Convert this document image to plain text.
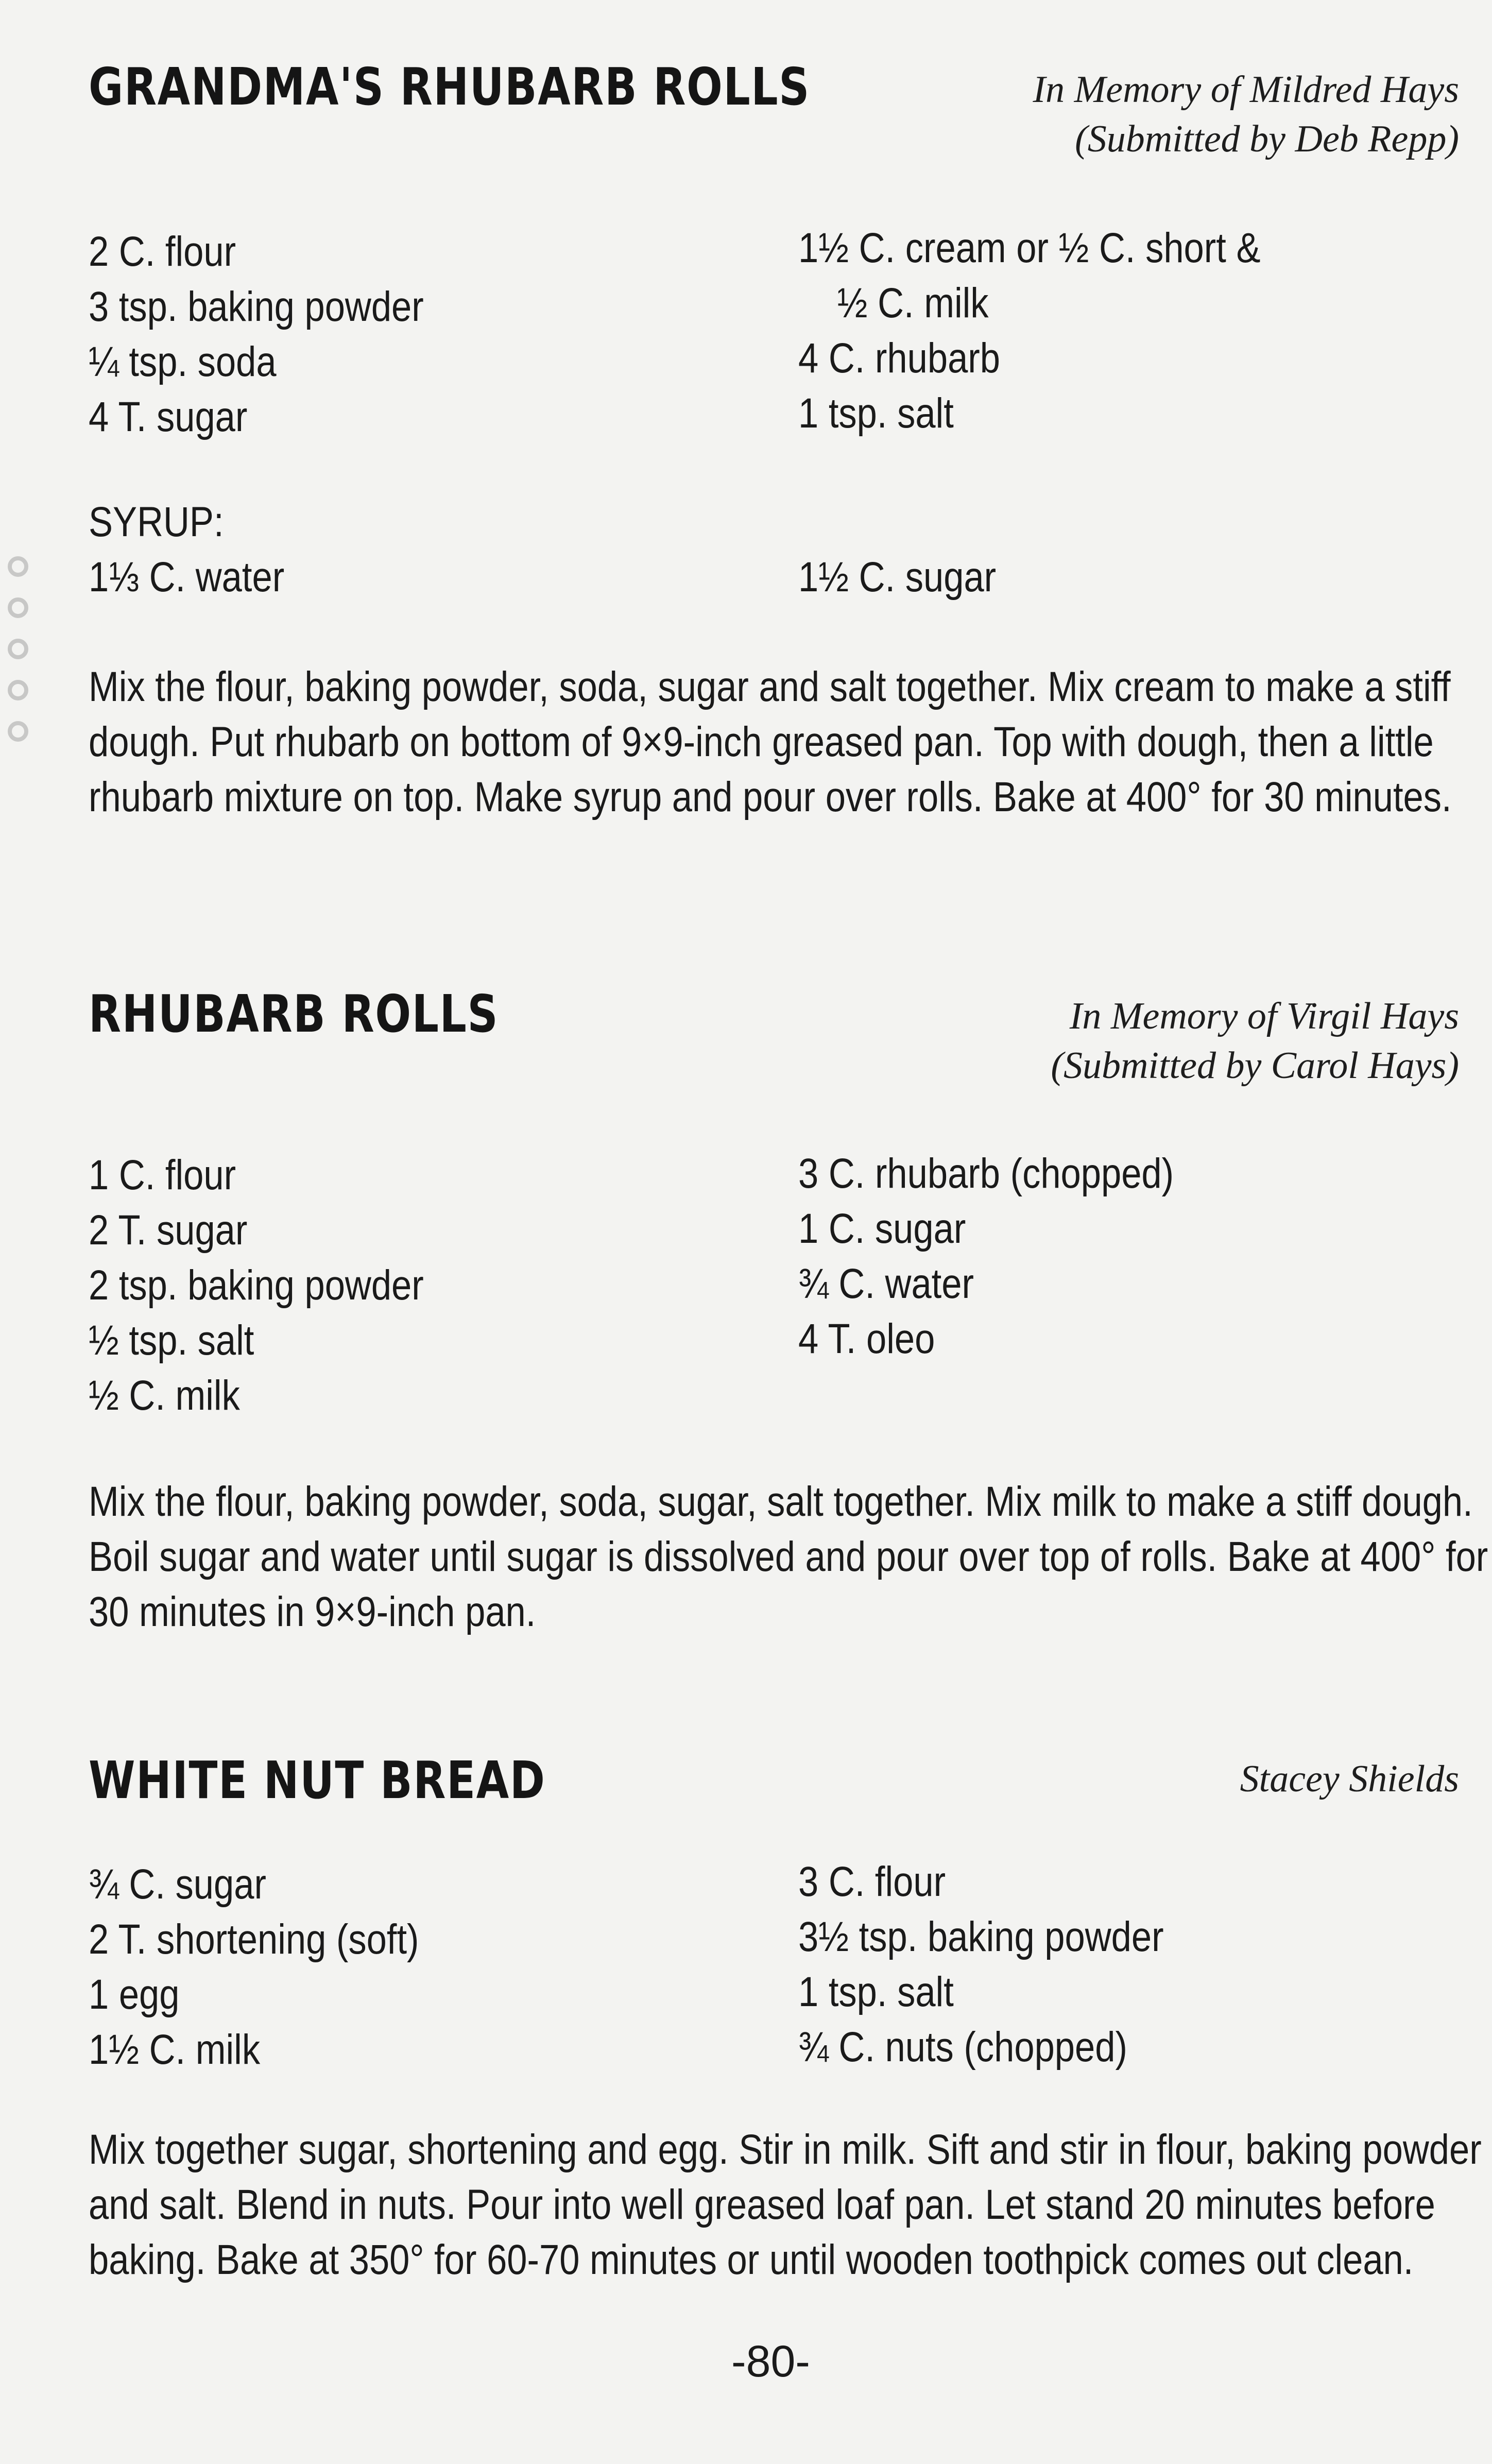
GRANDMA'S RHUBARB ROLLS	In Memory of Mildred Hays
(Submitted by Deb Repp)
2 C. flour
3 tsp. baking powder
¼ tsp. soda
4 T. sugar
1½ C. cream or ½ C. short &
½ C. milk
4 C. rhubarb
1 tsp. salt
SYRUP:
1⅓ C. water	1½ C. sugar
Mix the flour, baking powder, soda, sugar and salt together. Mix cream to make a stiff dough. Put rhubarb on bottom of 9×9-inch greased pan. Top with dough, then a little rhubarb mixture on top. Make syrup and pour over rolls. Bake at 400° for 30 minutes.
RHUBARB ROLLS	In Memory of Virgil Hays
(Submitted by Carol Hays)
1 C. flour
2 T. sugar
2 tsp. baking powder
½ tsp. salt
½ C. milk
3 C. rhubarb (chopped)
1 C. sugar
¾ C. water
4 T. oleo
Mix the flour, baking powder, soda, sugar, salt together. Mix milk to make a stiff dough. Boil sugar and water until sugar is dissolved and pour over top of rolls. Bake at 400° for 30 minutes in 9×9-inch pan.
WHITE NUT BREAD	Stacey Shields
¾ C. sugar
2 T. shortening (soft)
1 egg
1½ C. milk
3 C. flour
3½ tsp. baking powder
1 tsp. salt
¾ C. nuts (chopped)
Mix together sugar, shortening and egg. Stir in milk. Sift and stir in flour, baking powder and salt. Blend in nuts. Pour into well greased loaf pan. Let stand 20 minutes before baking. Bake at 350° for 60-70 minutes or until wooden toothpick comes out clean.
-80-
